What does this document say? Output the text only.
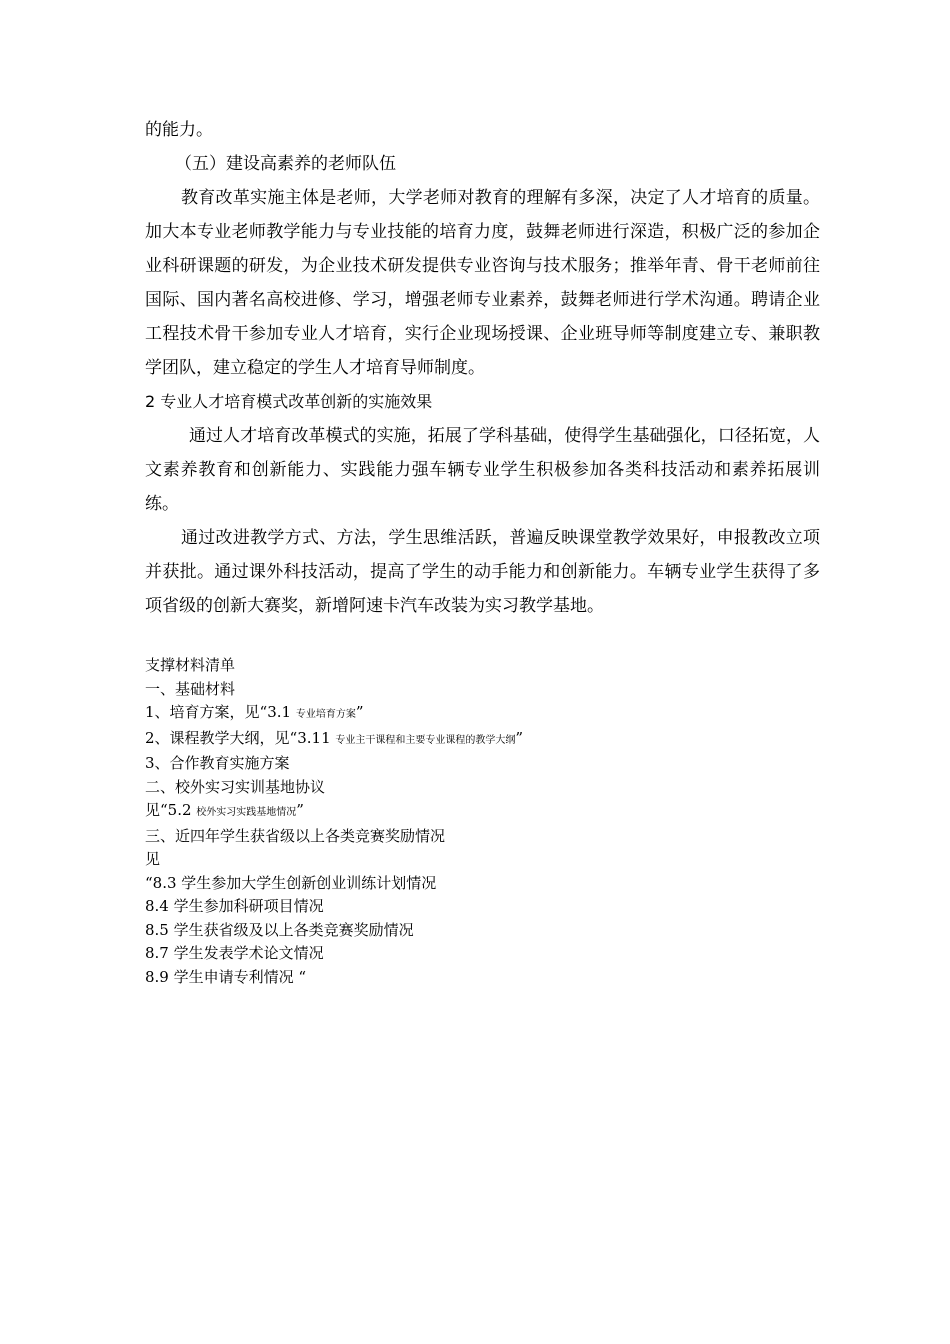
的能力。

（五）建设高素养的老师队伍

教育改革实施主体是老师，大学老师对教育的理解有多深，决定了人才培育的质量。加大本专业老师教学能力与专业技能的培育力度，鼓舞老师进行深造，积极广泛的参加企业科研课题的研发，为企业技术研发提供专业咨询与技术服务；推举年青、骨干老师前往国际、国内著名高校进修、学习，增强老师专业素养，鼓舞老师进行学术沟通。聘请企业工程技术骨干参加专业人才培育，实行企业现场授课、企业班导师等制度建立专、兼职教学团队，建立稳定的学生人才培育导师制度。

2 专业人才培育模式改革创新的实施效果

通过人才培育改革模式的实施，拓展了学科基础，使得学生基础强化，口径拓宽，人文素养教育和创新能力、实践能力强车辆专业学生积极参加各类科技活动和素养拓展训练。

通过改进教学方式、方法，学生思维活跃，普遍反映课堂教学效果好，申报教改立项并获批。通过课外科技活动，提高了学生的动手能力和创新能力。车辆专业学生获得了多项省级的创新大赛奖，新增阿速卡汽车改装为实习教学基地。

支撑材料清单

一、基础材料

1、培育方案，见“3.1 专业培育方案”

2、课程教学大纲，见“3.11 专业主干课程和主要专业课程的教学大纲”

3、合作教育实施方案

二、校外实习实训基地协议

见“5.2 校外实习实践基地情况”

三、近四年学生获省级以上各类竞赛奖励情况

见

“8.3 学生参加大学生创新创业训练计划情况

8.4 学生参加科研项目情况

8.5 学生获省级及以上各类竞赛奖励情况

8.7 学生发表学术论文情况

8.9 学生申请专利情况 “
